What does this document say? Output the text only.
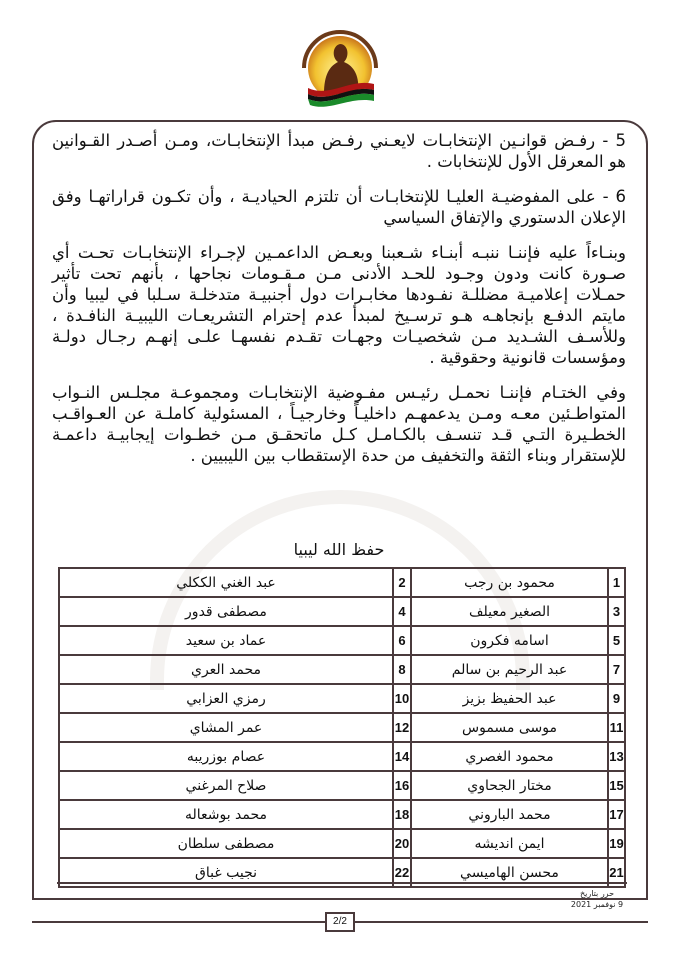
5 - رفـض قوانـين الإنتخابـات لايعـني رفـض مبدأ الإنتخابـات، ومـن أصـدر القـوانين هو المعرقل الأول للإنتخابات .

6 - على المفوضيـة العليـا للإنتخابـات أن تلتزم الحياديـة ، وأن تكـون قراراتهـا وفق الإعلان الدستوري والإتفاق السياسي

وبنـاءاً عليه فإننـا ننبـه أبنـاء شـعبنا وبعـض الداعمـين لإجـراء الإنتخابـات تحـت أي صـورة كانت ودون وجـود للحـد الأدنى مـن مـقـومات نجاحها ، بأنهم تحت تأثير حمـلات إعلاميـة مضللـة نفـودها مخابـرات دول أجنبيـة متدخلـة سـلبا في ليبيا وأن مايتم الدفـع بإنجاهـه هـو ترسـيخ لمبدأ عدم إحترام التشريعـات الليبيـة النافـدة ، وللأسـف الشـديد مـن شخصيـات وجهـات تقـدم نفسهـا علـى إنهـم رجـال دولـة ومؤسسات قانونية وحقوقية .

وفي الختـام فإننـا نحمـل رئيـس مفـوضية الإنتخابـات ومجموعـة مجلـس النـواب المتواطـئين معـه ومـن يدعمهـم داخليـاً وخارجيـاً ، المسئولية كاملـة عن العـواقـب الخطـيرة التـي قـد تنسـف بالكـامـل كـل ماتحقـق مـن خطـوات إيجابيـة داعمـة للإستقرار وبناء الثقة والتخفيف من حدة الإستقطاب بين الليبيين .

حفظ الله ليبيا
1	محمود بن رجب	2	عبد الغني الككلي
3	الصغير معيلف	4	مصطفى قدور
5	اسامه فكرون	6	عماد بن سعيد
7	عبد الرحيم بن سالم	8	محمد العري
9	عبد الحفيظ بزيز	10	رمزي العزابي
11	موسى مسموس	12	عمر المشاي
13	محمود الغصري	14	عصام بوزريبه
15	مختار الجحاوي	16	صلاح المرغني
17	محمد الباروني	18	محمد بوشعاله
19	ايمن انديشه	20	مصطفى سلطان
21	محسن الهاميسي	22	نجيب غباق
حرر بتاريخ
9 نوفمبر 2021
2/2
